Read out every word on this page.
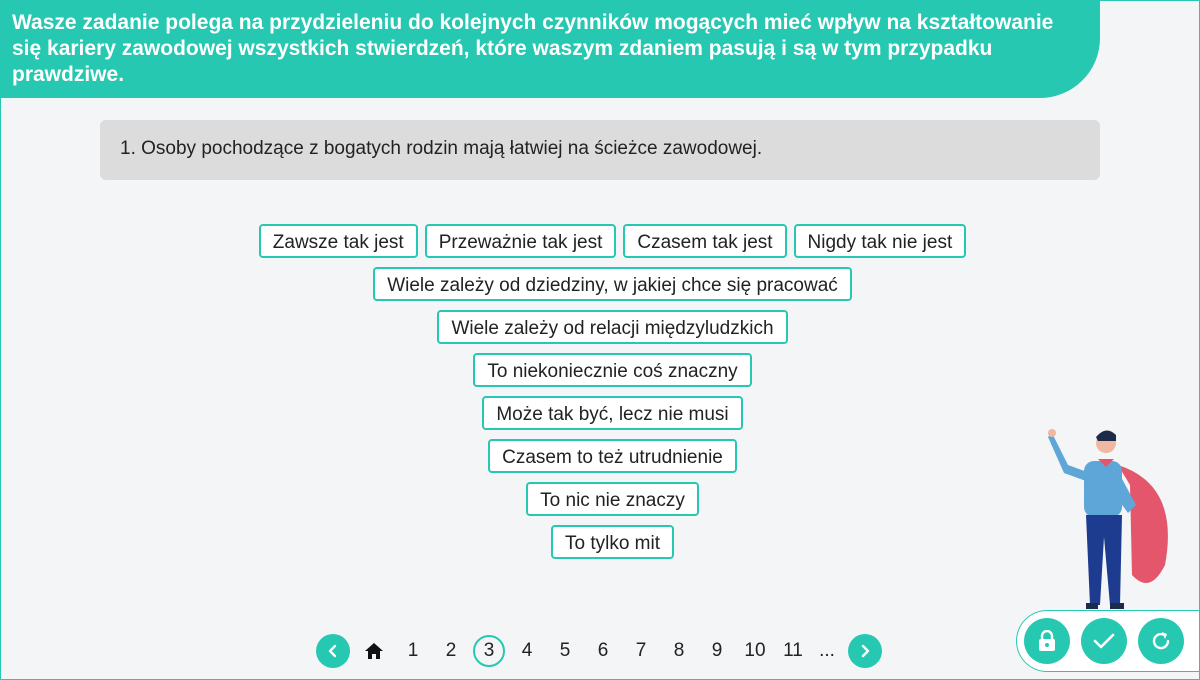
Wasze zadanie polega na przydzieleniu do kolejnych czynników mogących mieć wpływ na kształtowanie się kariery zawodowej wszystkich stwierdzeń, które waszym zdaniem pasują i są w tym przypadku prawdziwe.
1. Osoby pochodzące z bogatych rodzin mają łatwiej na ścieżce zawodowej.
Zawsze tak jest	Przeważnie tak jest	Czasem tak jest	Nigdy tak nie jest
Wiele zależy od dziedziny, w jakiej chce się pracować
Wiele zależy od relacji międzyludzkich
To niekoniecznie coś znaczny
Może tak być, lecz nie musi
Czasem to też utrudnienie
To nic nie znaczy
To tylko mit
1	2	3	4	5	6	7	8	9	10 11 ...
